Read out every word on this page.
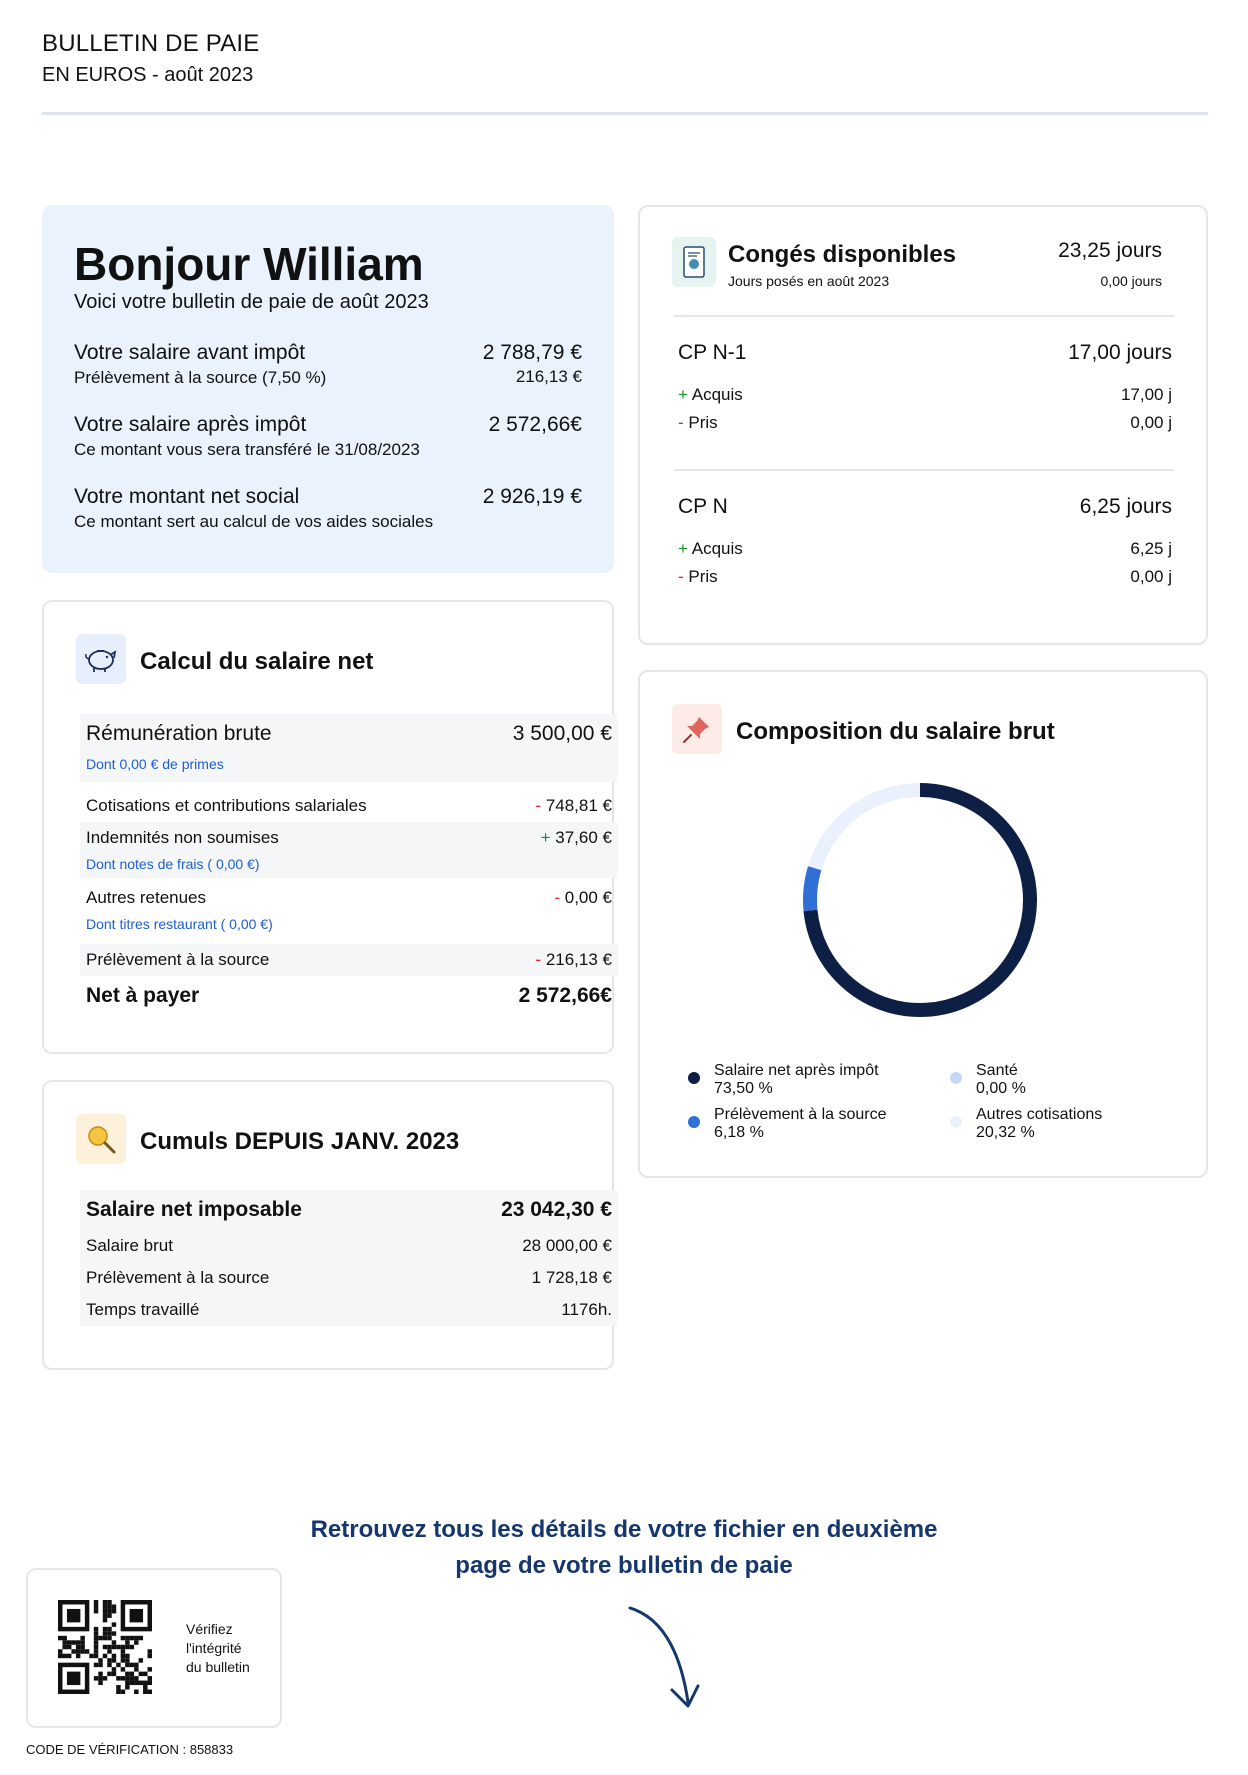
BULLETIN DE PAIE
EN EUROS - août 2023
Bonjour William
Voici votre bulletin de paie de août 2023
Votre salaire avant impôt	2 788,79 €
Prélèvement à la source (7,50 %)	216,13 €
Votre salaire après impôt	2 572,66€
Ce montant vous sera transféré le 31/08/2023
Votre montant net social	2 926,19 €
Ce montant sert au calcul de vos aides sociales
Calcul du salaire net
Rémunération brute	3 500,00 €
Dont 0,00 € de primes
Cotisations et contributions salariales	- 748,81 €
Indemnités non soumises	+ 37,60 €
Dont notes de frais ( 0,00 €)
Autres retenues	- 0,00 €
Dont titres restaurant ( 0,00 €)
Prélèvement à la source	- 216,13 €
Net à payer	2 572,66€
Cumuls DEPUIS JANV. 2023
Salaire net imposable	23 042,30 €
Salaire brut	28 000,00 €
Prélèvement à la source	1 728,18 €
Temps travaillé	1176h.
Congés disponibles
Jours posés en août 2023
23,25 jours
0,00 jours
CP N-1	17,00 jours
+ Acquis	17,00 j
- Pris	0,00 j
CP N	6,25 jours
+ Acquis	6,25 j
- Pris	0,00 j
Composition du salaire brut
Salaire net après impôt
73,50 %
Prélèvement à la source
6,18 %
Santé
0,00 %
Autres cotisations
20,32 %
Retrouvez tous les détails de votre fichier en deuxième
page de votre bulletin de paie
Vérifiez
l'intégrité
du bulletin
CODE DE VÉRIFICATION : 858833
